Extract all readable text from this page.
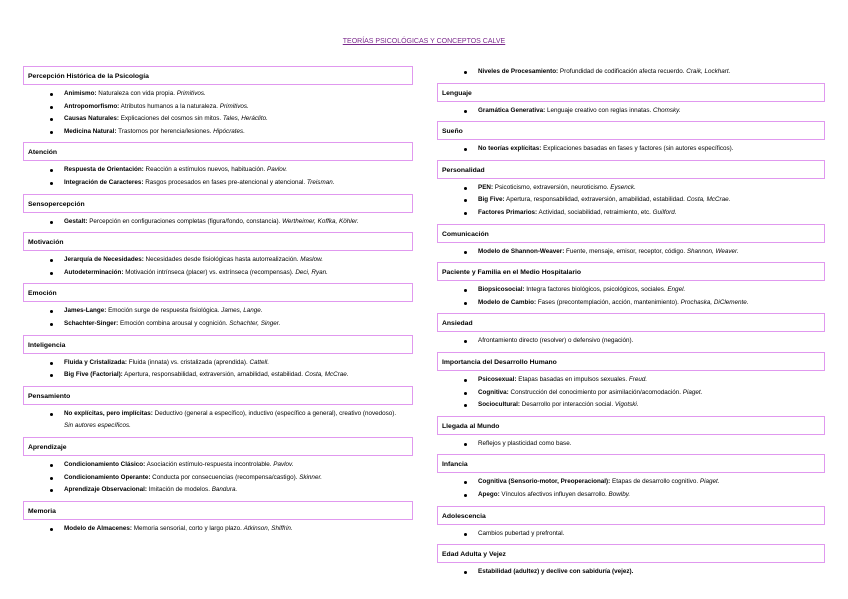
TEORÍAS PSICOLÓGICAS Y CONCEPTOS CALVE
Percepción Histórica de la Psicología
Animismo: Naturaleza con vida propia. Primitivos.
Antropomorfismo: Atributos humanos a la naturaleza. Primitivos.
Causas Naturales: Explicaciones del cosmos sin mitos. Tales, Heráclito.
Medicina Natural: Trastornos por herencia/lesiones. Hipócrates.
Atención
Respuesta de Orientación: Reacción a estímulos nuevos, habituación. Pavlov.
Integración de Caracteres: Rasgos procesados en fases pre-atencional y atencional. Treisman.
Sensopercepción
Gestalt: Percepción en configuraciones completas (figura/fondo, constancia). Wertheimer, Koffka, Köhler.
Motivación
Jerarquía de Necesidades: Necesidades desde fisiológicas hasta autorrealización. Maslow.
Autodeterminación: Motivación intrínseca (placer) vs. extrínseca (recompensas). Deci, Ryan.
Emoción
James-Lange: Emoción surge de respuesta fisiológica. James, Lange.
Schachter-Singer: Emoción combina arousal y cognición. Schachter, Singer.
Inteligencia
Fluida y Cristalizada: Fluida (innata) vs. cristalizada (aprendida). Cattell.
Big Five (Factorial): Apertura, responsabilidad, extraversión, amabilidad, estabilidad. Costa, McCrae.
Pensamiento
No explícitas, pero implícitas: Deductivo (general a específico), inductivo (específico a general), creativo (novedoso). Sin autores específicos.
Aprendizaje
Condicionamiento Clásico: Asociación estímulo-respuesta incontrolable. Pavlov.
Condicionamiento Operante: Conducta por consecuencias (recompensa/castigo). Skinner.
Aprendizaje Observacional: Imitación de modelos. Bandura.
Memoria
Modelo de Almacenes: Memoria sensorial, corto y largo plazo. Atkinson, Shiffrin.
Niveles de Procesamiento: Profundidad de codificación afecta recuerdo. Craik, Lockhart.
Lenguaje
Gramática Generativa: Lenguaje creativo con reglas innatas. Chomsky.
Sueño
No teorías explícitas: Explicaciones basadas en fases y factores (sin autores específicos).
Personalidad
PEN: Psicoticismo, extraversión, neuroticismo. Eysenck.
Big Five: Apertura, responsabilidad, extraversión, amabilidad, estabilidad. Costa, McCrae.
Factores Primarios: Actividad, sociabilidad, retraimiento, etc. Guilford.
Comunicación
Modelo de Shannon-Weaver: Fuente, mensaje, emisor, receptor, código. Shannon, Weaver.
Paciente y Familia en el Medio Hospitalario
Biopsicosocial: Integra factores biológicos, psicológicos, sociales. Engel.
Modelo de Cambio: Fases (precontemplación, acción, mantenimiento). Prochaska, DiClemente.
Ansiedad
Afrontamiento directo (resolver) o defensivo (negación).
Importancia del Desarrollo Humano
Psicosexual: Etapas basadas en impulsos sexuales. Freud.
Cognitiva: Construcción del conocimiento por asimilación/acomodación. Piaget.
Sociocultural: Desarrollo por interacción social. Vigotski.
Llegada al Mundo
Reflejos y plasticidad como base.
Infancia
Cognitiva (Sensorio-motor, Preoperacional): Etapas de desarrollo cognitivo. Piaget.
Apego: Vínculos afectivos influyen desarrollo. Bowlby.
Adolescencia
Cambios pubertad y prefrontal.
Edad Adulta y Vejez
Estabilidad (adultez) y declive con sabiduría (vejez).
